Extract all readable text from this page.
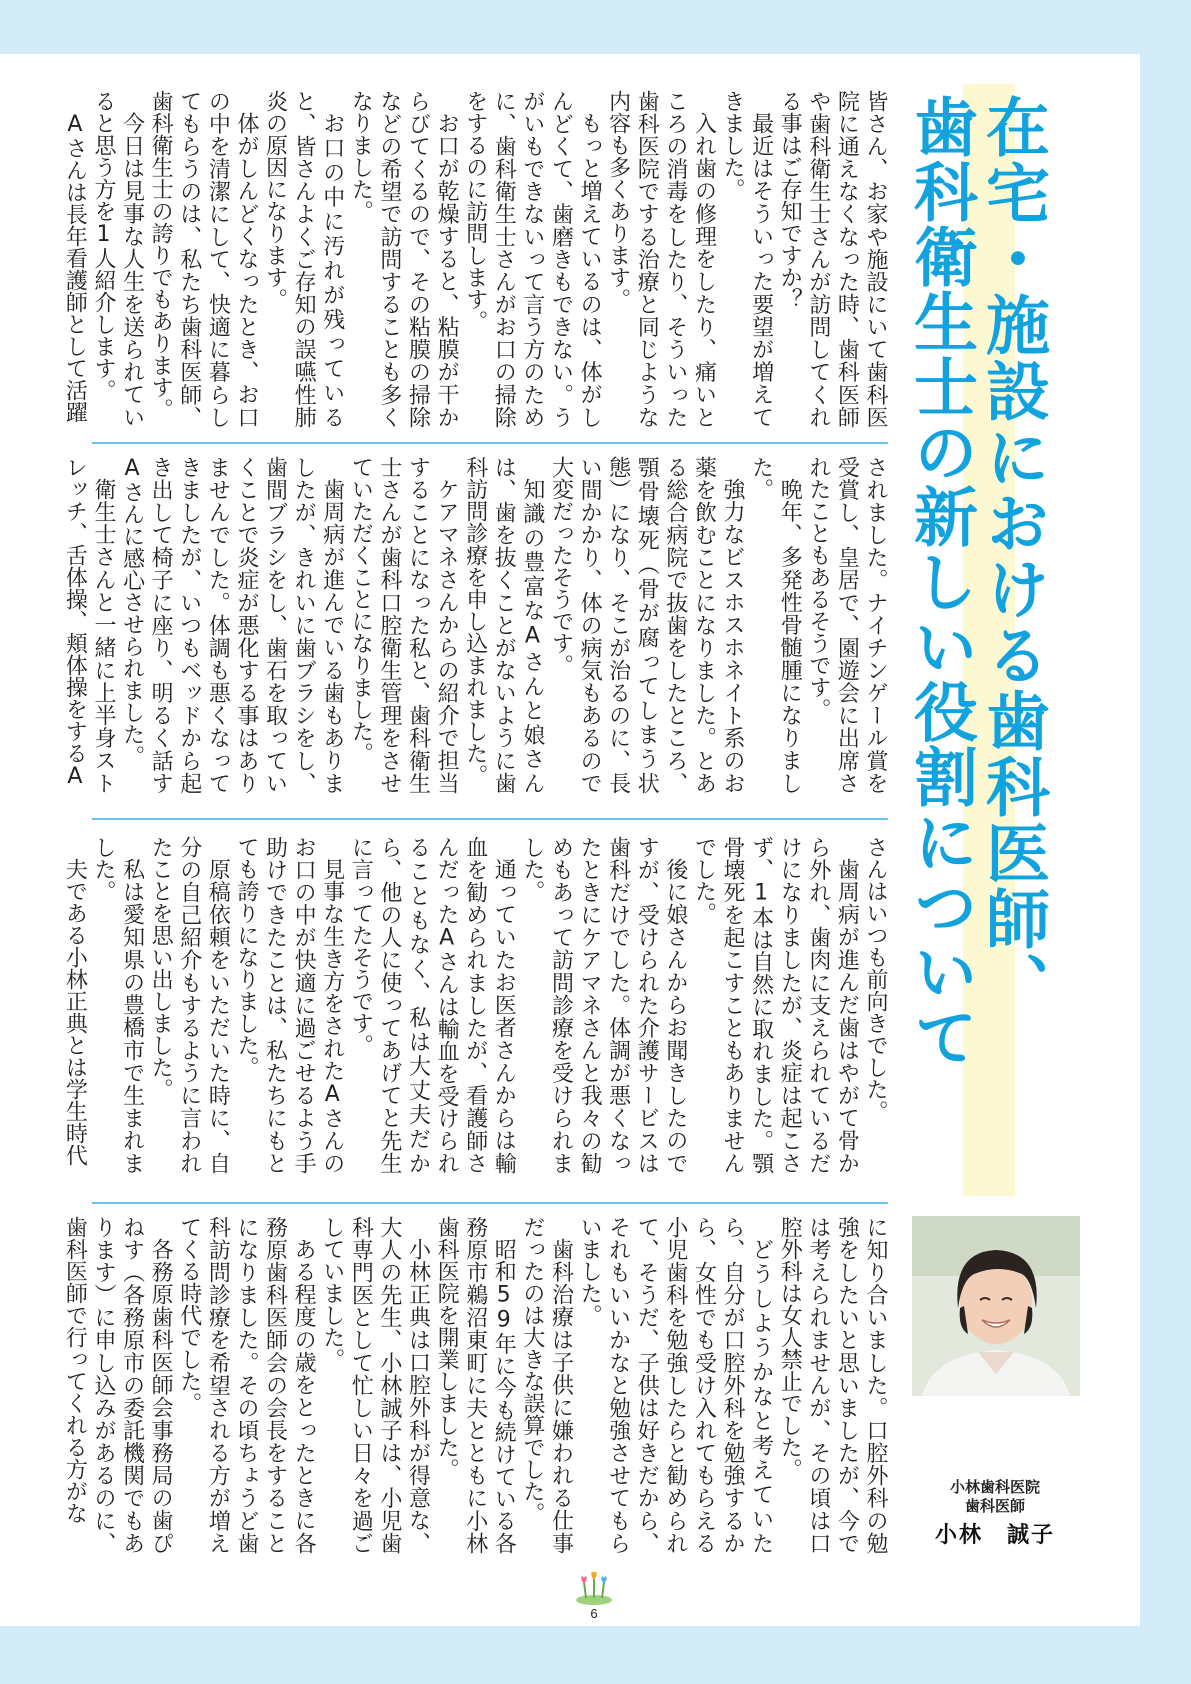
在宅・施設における歯科医師、
歯科衛生士の新しい役割について

皆さん、お家や施設にいて歯科医院に通えなくなった時、歯科医師や歯科衛生士さんが訪問してくれる事はご存知ですか？

最近はそういった要望が増えてきました。

入れ歯の修理をしたり、痛いところの消毒をしたり、そういった歯科医院でする治療と同じような内容も多くあります。

もっと増えているのは、体がしんどくて、歯磨きもできない。うがいもできないって言う方のために、歯科衛生士さんがお口の掃除をするのに訪問します。

お口が乾燥すると、粘膜が干からびてくるので、その粘膜の掃除などの希望で訪問することも多くなりました。

お口の中に汚れが残っていると、皆さんよくご存知の誤嚥性肺炎の原因になります。

体がしんどくなったとき、お口の中を清潔にして、快適に暮らしてもらうのは、私たち歯科医師、歯科衛生士の誇りでもあります。

今日は見事な人生を送られていると思う方を1人紹介します。

Aさんは長年看護師として活躍

されました。ナイチンゲール賞を受賞し、皇居で、園遊会に出席されたこともあるそうです。

晩年、多発性骨髄腫になりました。

強力なビスホスホネイト系のお薬を飲むことになりました。とある総合病院で抜歯をしたところ、顎骨壊死（骨が腐ってしまう状態）になり、そこが治るのに、長い間かかり、体の病気もあるので大変だったそうです。

知識の豊富なAさんと娘さんは、歯を抜くことがないように歯科訪問診療を申し込まれました。

ケアマネさんからの紹介で担当することになった私と、歯科衛生士さんが歯科口腔衛生管理をさせていただくことになりました。

歯周病が進んでいる歯もありましたが、きれいに歯ブラシをし、歯間ブラシをし、歯石を取っていくことで炎症が悪化する事はありませんでした。体調も悪くなってきましたが、いつもベッドから起き出して椅子に座り、明るく話すAさんに感心させられました。

衛生士さんと一緒に上半身ストレッチ、舌体操、頬体操をするA

さんはいつも前向きでした。

歯周病が進んだ歯はやがて骨から外れ、歯肉に支えられているだけになりましたが、炎症は起こさず、1本は自然に取れました。顎骨壊死を起こすこともありませんでした。

後に娘さんからお聞きしたのですが、受けられた介護サービスは歯科だけでした。体調が悪くなったときにケアマネさんと我々の勧めもあって訪問診療を受けられました。

通っていたお医者さんからは輸血を勧められましたが、看護師さんだったAさんは輸血を受けられることもなく、私は大丈夫だから、他の人に使ってあげてと先生に言ってたそうです。

見事な生き方をされたAさんのお口の中が快適に過ごせるよう手助けできたことは、私たちにもとても誇りになりました。

原稿依頼をいただいた時に、自分の自己紹介もするように言われたことを思い出しました。

私は愛知県の豊橋市で生まれました。

夫である小林正典とは学生時代

に知り合いました。口腔外科の勉強をしたいと思いましたが、今では考えられませんが、その頃は口腔外科は女人禁止でした。

どうしようかなと考えていたら、自分が口腔外科を勉強するから、女性でも受け入れてもらえる小児歯科を勉強したらと勧められて、そうだ、子供は好きだから、それもいいかなと勉強させてもらいました。

歯科治療は子供に嫌われる仕事だったのは大きな誤算でした。

昭和59年に今も続けている各務原市鵜沼東町に夫とともに小林歯科医院を開業しました。

小林正典は口腔外科が得意な、大人の先生、小林誠子は、小児歯科専門医として忙しい日々を過ごしていました。

ある程度の歳をとったときに各務原歯科医師会の会長をすることになりました。その頃ちょうど歯科訪問診療を希望される方が増えてくる時代でした。

各務原歯科医師会事務局の歯ぴねす（各務原市の委託機関でもあります）に申し込みがあるのに、歯科医師で行ってくれる方がな	小林歯科医院
歯科医師
小林　誠子
6
